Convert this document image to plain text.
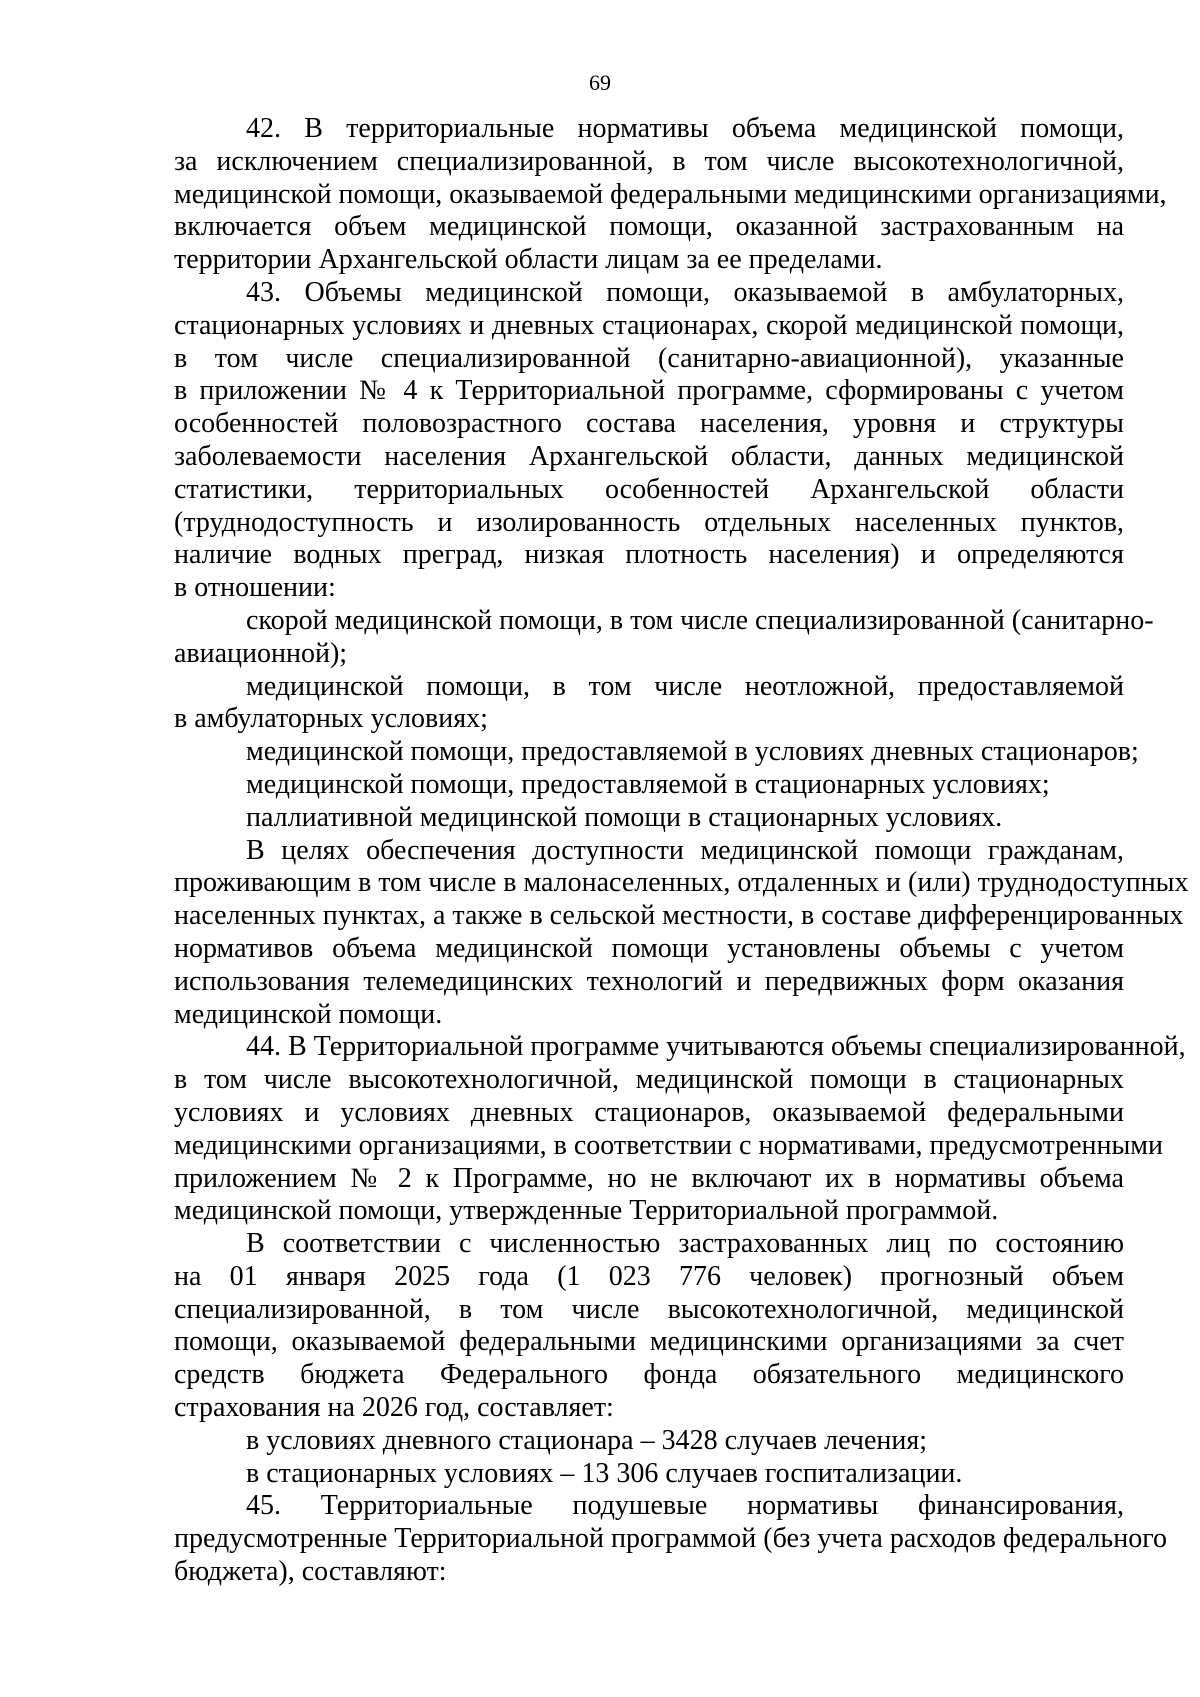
69
42. В территориальные нормативы объема медицинской помощи,
за исключением специализированной, в том числе высокотехнологичной,
медицинской помощи, оказываемой федеральными медицинскими организациями,
включается объем медицинской помощи, оказанной застрахованным на
территории Архангельской области лицам за ее пределами.
43. Объемы медицинской помощи, оказываемой в амбулаторных,
стационарных условиях и дневных стационарах, скорой медицинской помощи,
в том числе специализированной (санитарно-авиационной), указанные
в приложении № 4 к Территориальной программе, сформированы с учетом
особенностей половозрастного состава населения, уровня и структуры
заболеваемости населения Архангельской области, данных медицинской
статистики, территориальных особенностей Архангельской области
(труднодоступность и изолированность отдельных населенных пунктов,
наличие водных преград, низкая плотность населения) и определяются
в отношении:
скорой медицинской помощи, в том числе специализированной (санитарно-
авиационной);
медицинской помощи, в том числе неотложной, предоставляемой
в амбулаторных условиях;
медицинской помощи, предоставляемой в условиях дневных стационаров;
медицинской помощи, предоставляемой в стационарных условиях;
паллиативной медицинской помощи в стационарных условиях.
В целях обеспечения доступности медицинской помощи гражданам,
проживающим в том числе в малонаселенных, отдаленных и (или) труднодоступных
населенных пунктах, а также в сельской местности, в составе дифференцированных
нормативов объема медицинской помощи установлены объемы с учетом
использования телемедицинских технологий и передвижных форм оказания
медицинской помощи.
44. В Территориальной программе учитываются объемы специализированной,
в том числе высокотехнологичной, медицинской помощи в стационарных
условиях и условиях дневных стационаров, оказываемой федеральными
медицинскими организациями, в соответствии с нормативами, предусмотренными
приложением № 2 к Программе, но не включают их в нормативы объема
медицинской помощи, утвержденные Территориальной программой.
В соответствии с численностью застрахованных лиц по состоянию
на 01 января 2025 года (1 023 776 человек) прогнозный объем
специализированной, в том числе высокотехнологичной, медицинской
помощи, оказываемой федеральными медицинскими организациями за счет
средств бюджета Федерального фонда обязательного медицинского
страхования на 2026 год, составляет:
в условиях дневного стационара – 3428 случаев лечения;
в стационарных условиях – 13 306 случаев госпитализации.
45. Территориальные подушевые нормативы финансирования,
предусмотренные Территориальной программой (без учета расходов федерального
бюджета), составляют:
